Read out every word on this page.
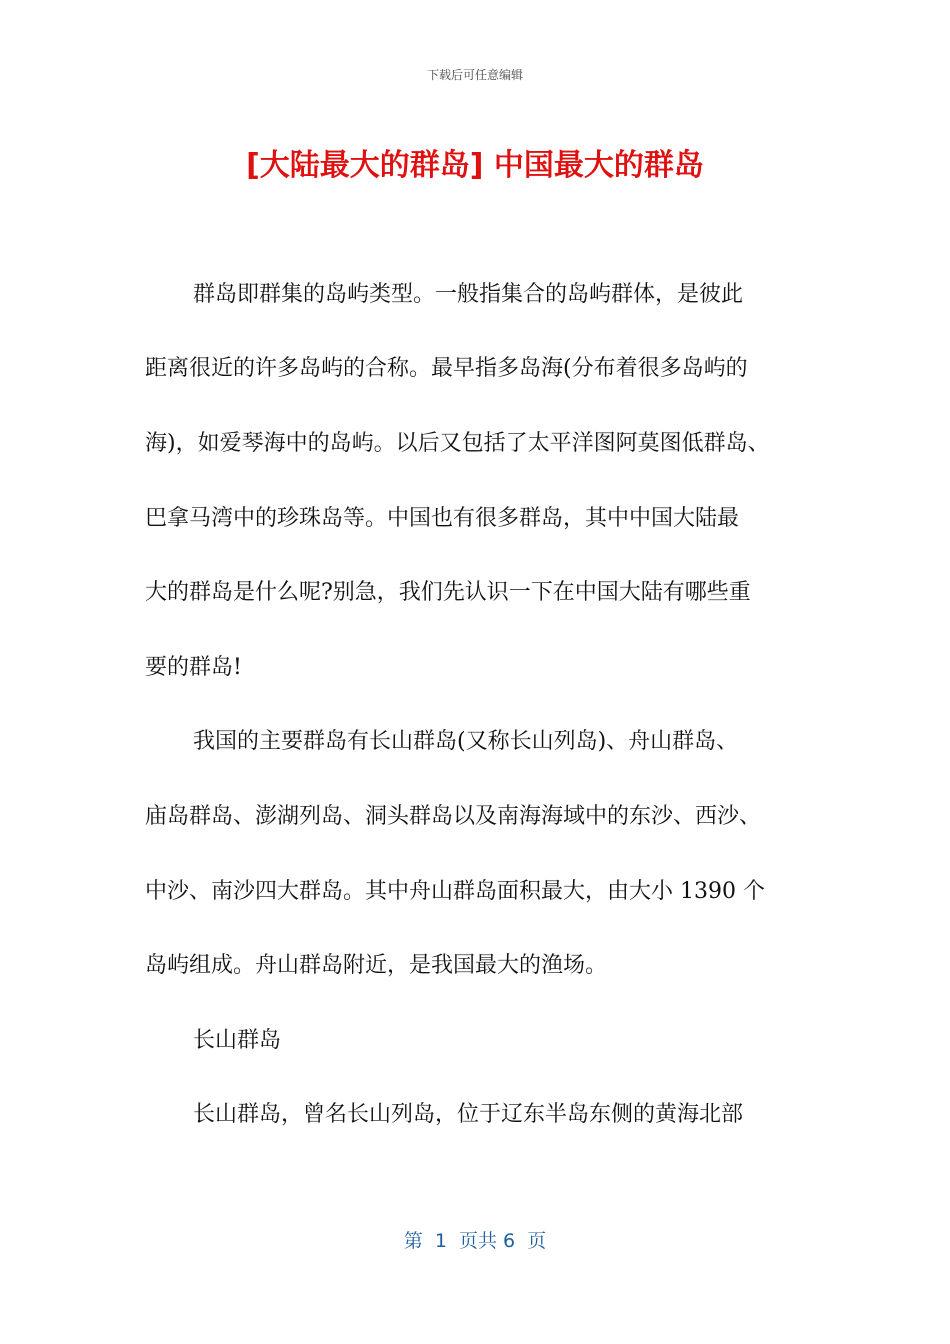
下载后可任意编辑
[大陆最大的群岛] 中国最大的群岛
群岛即群集的岛屿类型。一般指集合的岛屿群体，是彼此
距离很近的许多岛屿的合称。最早指多岛海(分布着很多岛屿的
海)，如爱琴海中的岛屿。以后又包括了太平洋图阿莫图低群岛、
巴拿马湾中的珍珠岛等。中国也有很多群岛，其中中国大陆最
大的群岛是什么呢?别急，我们先认识一下在中国大陆有哪些重
要的群岛!
我国的主要群岛有长山群岛(又称长山列岛)、舟山群岛、
庙岛群岛、澎湖列岛、洞头群岛以及南海海域中的东沙、西沙、
中沙、南沙四大群岛。其中舟山群岛面积最大，由大小 1390 个
岛屿组成。舟山群岛附近，是我国最大的渔场。
长山群岛
长山群岛，曾名长山列岛，位于辽东半岛东侧的黄海北部
第  1  页共 6  页
